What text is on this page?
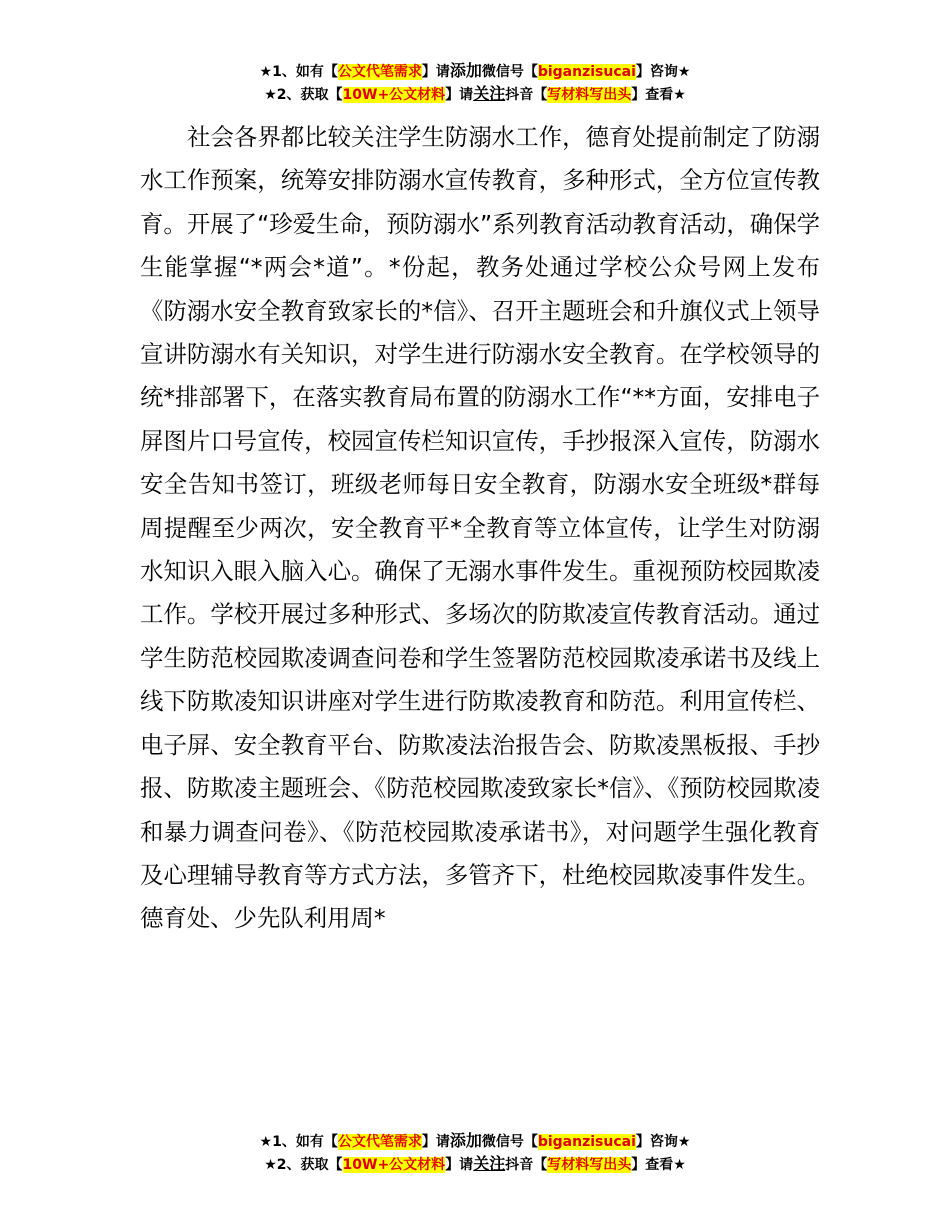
★1、如有【公文代笔需求】请添加微信号【biganzisucai】咨询★
★2、获取【10W+公文材料】请关注抖音【写材料写出头】查看★

社会各界都比较关注学生防溺水工作，德育处提前制定了防溺水工作预案，统筹安排防溺水宣传教育，多种形式，全方位宣传教育。开展了“珍爱生命，预防溺水”系列教育活动教育活动，确保学生能掌握“*两会*道”。*份起，教务处通过学校公众号网上发布《防溺水安全教育致家长的*信》、召开主题班会和升旗仪式上领导宣讲防溺水有关知识，对学生进行防溺水安全教育。在学校领导的统*排部署下，在落实教育局布置的防溺水工作“**方面，安排电子屏图片口号宣传，校园宣传栏知识宣传，手抄报深入宣传，防溺水安全告知书签订，班级老师每日安全教育，防溺水安全班级*群每周提醒至少两次，安全教育平*全教育等立体宣传，让学生对防溺水知识入眼入脑入心。确保了无溺水事件发生。重视预防校园欺凌工作。学校开展过多种形式、多场次的防欺凌宣传教育活动。通过学生防范校园欺凌调查问卷和学生签署防范校园欺凌承诺书及线上线下防欺凌知识讲座对学生进行防欺凌教育和防范。利用宣传栏、电子屏、安全教育平台、防欺凌法治报告会、防欺凌黑板报、手抄报、防欺凌主题班会、《防范校园欺凌致家长*信》、《预防校园欺凌和暴力调查问卷》、《防范校园欺凌承诺书》，对问题学生强化教育及心理辅导教育等方式方法，多管齐下，杜绝校园欺凌事件发生。德育处、少先队利用周*

★1、如有【公文代笔需求】请添加微信号【biganzisucai】咨询★
★2、获取【10W+公文材料】请关注抖音【写材料写出头】查看★
